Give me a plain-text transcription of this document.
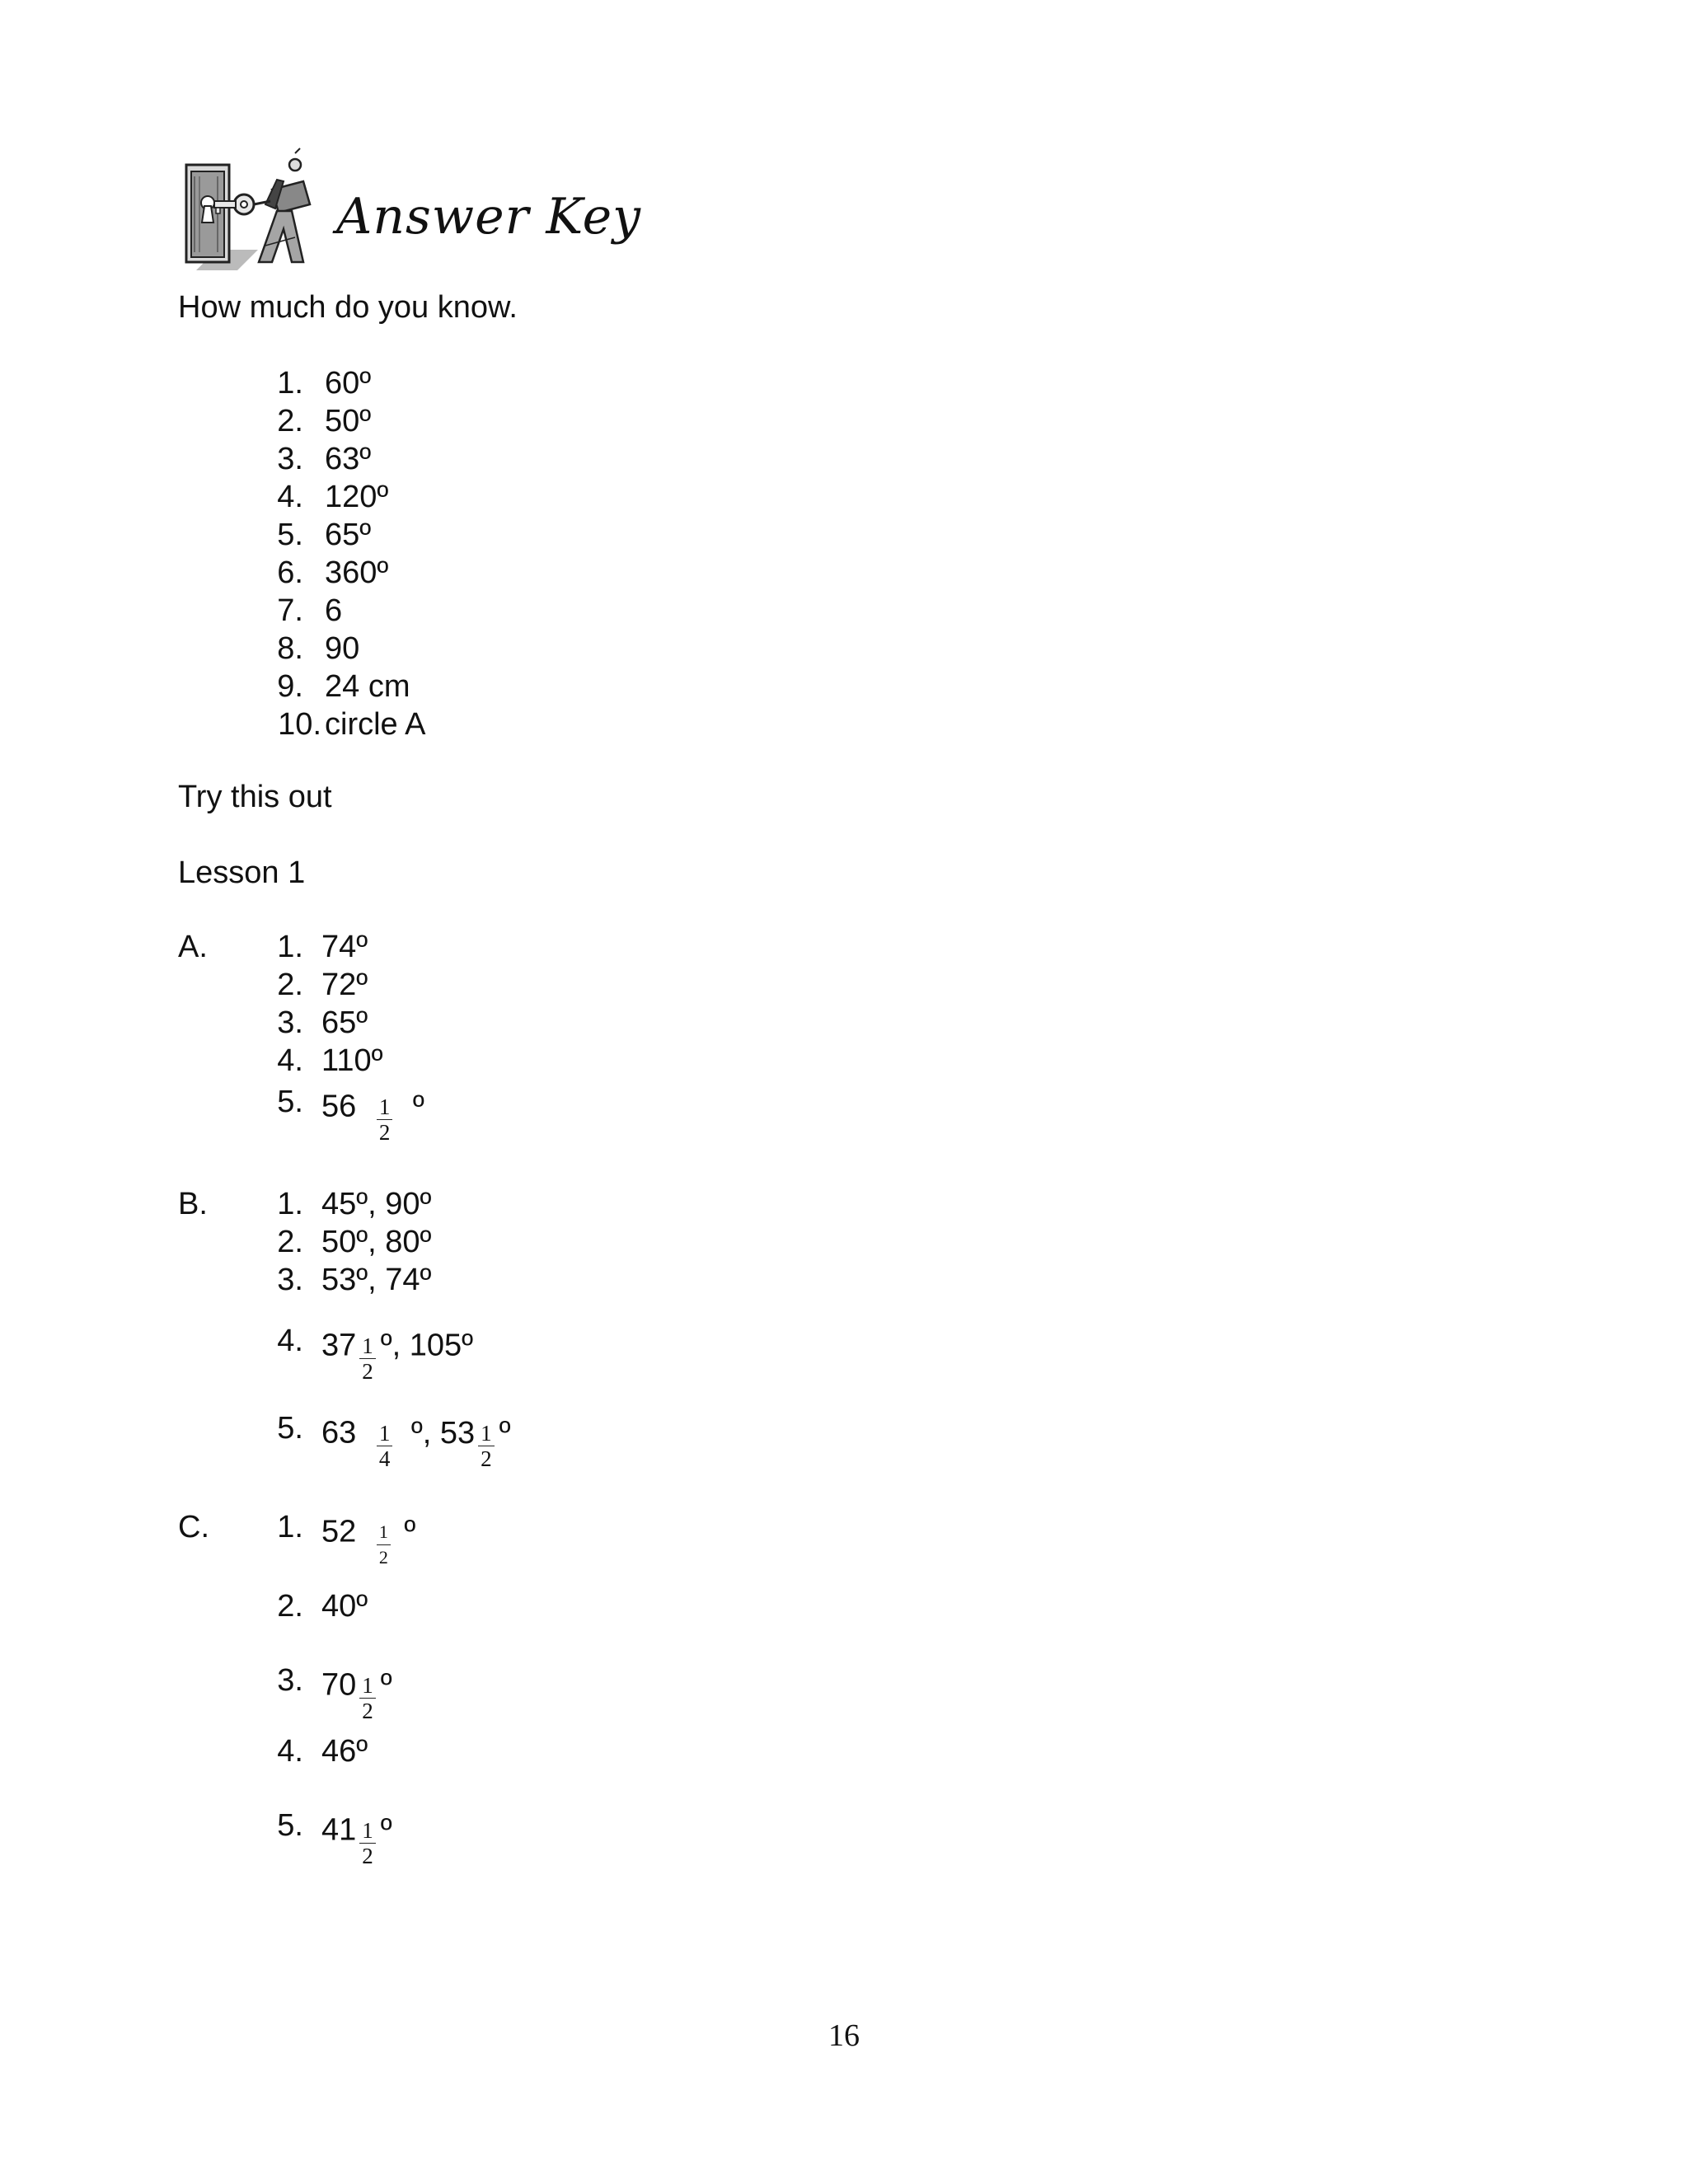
Answer Key
How much do you know.
1. 60º
2. 50º
3. 63º
4. 120º
5. 65º
6. 360º
7. 6
8. 90
9. 24 cm
10. circle A
Try this out
Lesson 1
A.	1. 74º
2. 72º
3. 65º
4. 110º
5. $56 \frac{1}{2}$ º
B.	1. 45º, 90º
2. 50º, 80º
3. 53º, 74º
4. $37 \frac{1}{2}$ º, 105º
5. $63 \frac{1}{4}$ º, $53 \frac{1}{2}$ º
C.	1. $52 \frac{1}{2}$ º
2. 40º
3. $70 \frac{1}{2}$ º
4. 46º
5. $41 \frac{1}{2}$ º
16
